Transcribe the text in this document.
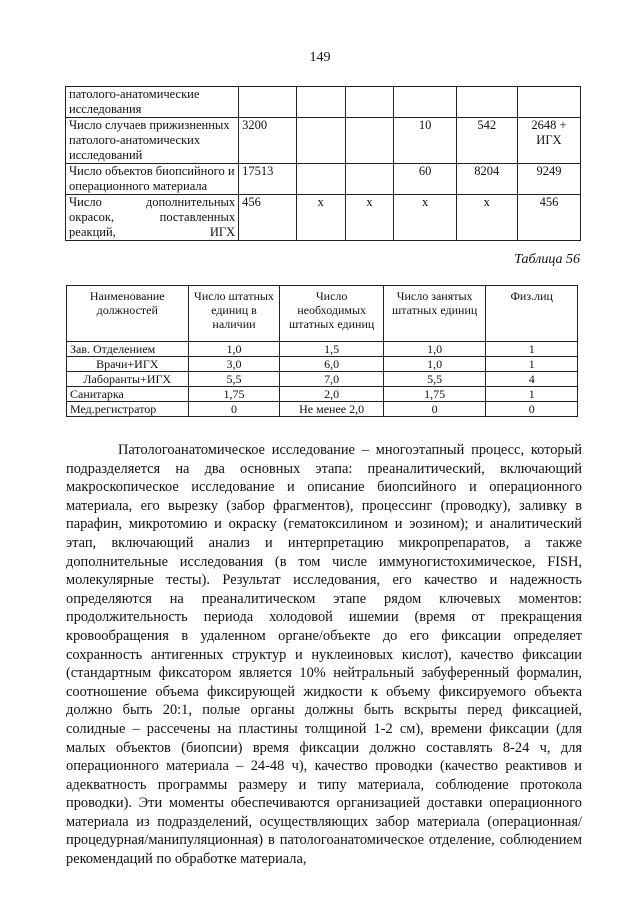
149
патолого-анатомические исследования						
Число случаев прижизненных патолого-анатомических исследований	3200			10	542	2648 + ИГХ
Число объектов биопсийного и операционного материала	17513			60	8204	9249
Число дополнительных окрасок, поставленных реакций, ИГХ	456	x	x	x	x	456
Таблица 56
Наименование должностей	Число штатных единиц в наличии	Число необходимых штатных единиц	Число занятых штатных единиц	Физ.лиц
Зав. Отделением	1,0	1,5	1,0	1
Врачи+ИГХ	3,0	6,0	1,0	1
Лаборанты+ИГХ	5,5	7,0	5,5	4
Санитарка	1,75	2,0	1,75	1
Мед.регистратор	0	Не менее 2,0	0	0

Патологоанатомическое исследование – многоэтапный процесс, который подразделяется на два основных этапа: преаналитический, включающий макроскопическое исследование и описание биопсийного и операционного материала, его вырезку (забор фрагментов), процессинг (проводку), заливку в парафин, микротомию и окраску (гематоксилином и эозином); и аналитический этап, включающий анализ и интерпретацию микропрепаратов, а также дополнительные исследования (в том числе иммуногистохимическое, FISH, молекулярные тесты). Результат исследования, его качество и надежность определяются на преаналитическом этапе рядом ключевых моментов: продолжительность периода холодовой ишемии (время от прекращения кровообращения в удаленном органе/объекте до его фиксации определяет сохранность антигенных структур и нуклеиновых кислот), качество фиксации (стандартным фиксатором является 10% нейтральный забуференный формалин, соотношение объема фиксирующей жидкости к объему фиксируемого объекта должно быть 20:1, полые органы должны быть вскрыты перед фиксацией, солидные – рассечены на пластины толщиной 1-2 см), времени фиксации (для малых объектов (биопсии) время фиксации должно составлять 8-24 ч, для операционного материала – 24-48 ч), качество проводки (качество реактивов и адекватность программы размеру и типу материала, соблюдение протокола проводки). Эти моменты обеспечиваются организацией доставки операционного материала из подразделений, осуществляющих забор материала (операционная/процедурная/манипуляционная) в патологоанатомическое отделение, соблюдением рекомендаций по обработке материала,
